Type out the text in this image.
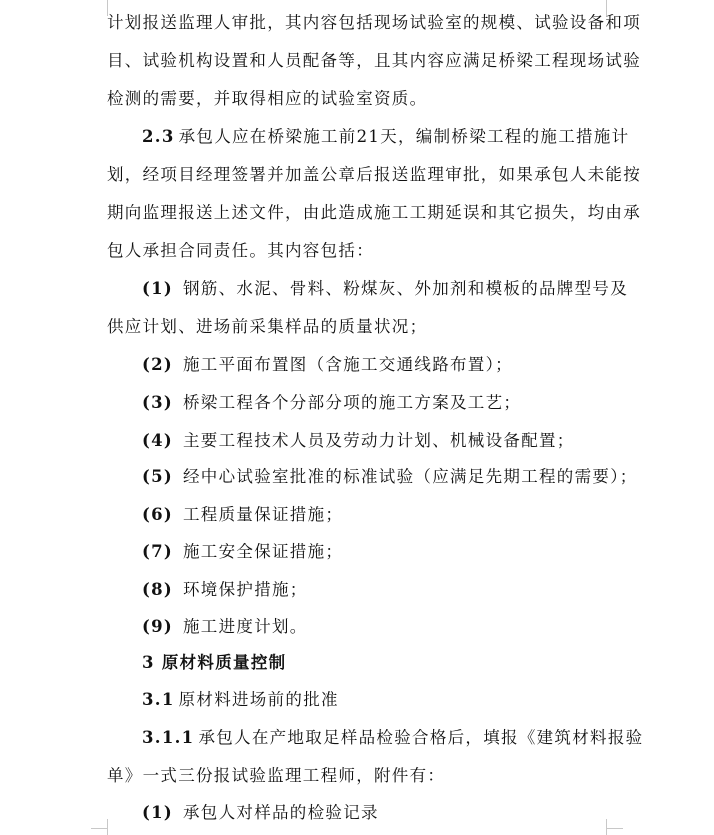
计划报送监理人审批，其内容包括现场试验室的规模、试验设备和项
目、试验机构设置和人员配备等，且其内容应满足桥梁工程现场试验
检测的需要，并取得相应的试验室资质。
2.3 承包人应在桥梁施工前21天，编制桥梁工程的施工措施计
划，经项目经理签署并加盖公章后报送监理审批，如果承包人未能按
期向监理报送上述文件，由此造成施工工期延误和其它损失，均由承
包人承担合同责任。其内容包括：
(1) 钢筋、水泥、骨料、粉煤灰、外加剂和模板的品牌型号及
供应计划、进场前采集样品的质量状况；
(2) 施工平面布置图（含施工交通线路布置）；
(3) 桥梁工程各个分部分项的施工方案及工艺；
(4) 主要工程技术人员及劳动力计划、机械设备配置；
(5) 经中心试验室批准的标准试验（应满足先期工程的需要）；
(6) 工程质量保证措施；
(7) 施工安全保证措施；
(8) 环境保护措施；
(9) 施工进度计划。
3 原材料质量控制
3.1 原材料进场前的批准
3.1.1 承包人在产地取足样品检验合格后，填报《建筑材料报验
单》一式三份报试验监理工程师，附件有：
(1) 承包人对样品的检验记录
